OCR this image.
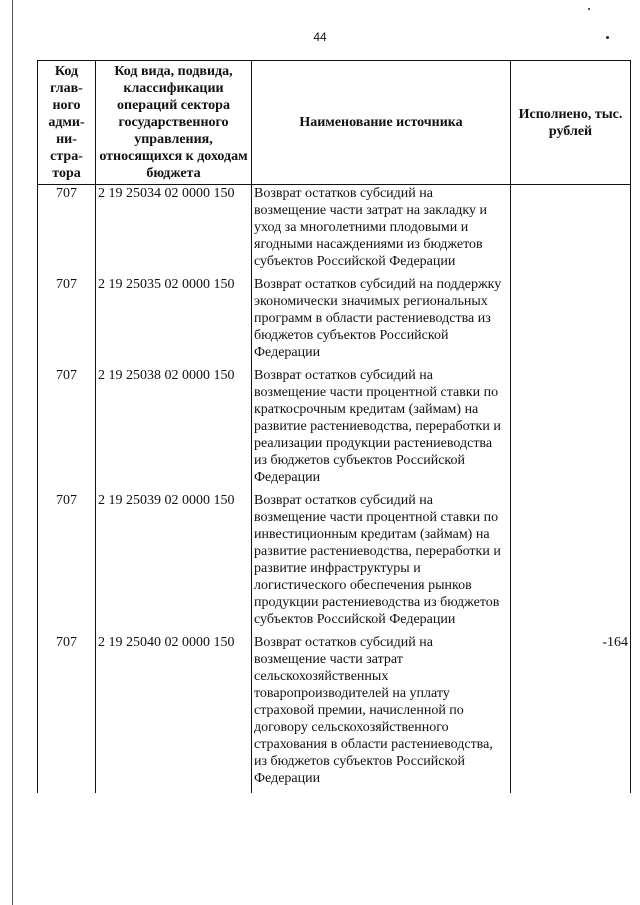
44
Код глав-ного адми-ни-стра-тора	Код вида, подвида, классификации операций сектора государственного управления, относящихся к доходам бюджета	Наименование источника	Исполнено, тыс. рублей
707	2 19 25034 02 0000 150	Возврат остатков субсидий на возмещение части затрат на закладку и уход за многолетними плодовыми и ягодными насаждениями из бюджетов субъектов Российской Федерации	
707	2 19 25035 02 0000 150	Возврат остатков субсидий на поддержку экономически значимых региональных программ в области растениеводства из бюджетов субъектов Российской Федерации	
707	2 19 25038 02 0000 150	Возврат остатков субсидий на возмещение части процентной ставки по краткосрочным кредитам (займам) на развитие растениеводства, переработки и реализации продукции растениеводства из бюджетов субъектов Российской Федерации	
707	2 19 25039 02 0000 150	Возврат остатков субсидий на возмещение части процентной ставки по инвестиционным кредитам (займам) на развитие растениеводства, переработки и развитие инфраструктуры и логистического обеспечения рынков продукции растениеводства из бюджетов субъектов Российской Федерации	
707	2 19 25040 02 0000 150	Возврат остатков субсидий на возмещение части затрат сельскохозяйственных товаропроизводителей на уплату страховой премии, начисленной по договору сельскохозяйственного страхования в области растениеводства, из бюджетов субъектов Российской Федерации	-164
